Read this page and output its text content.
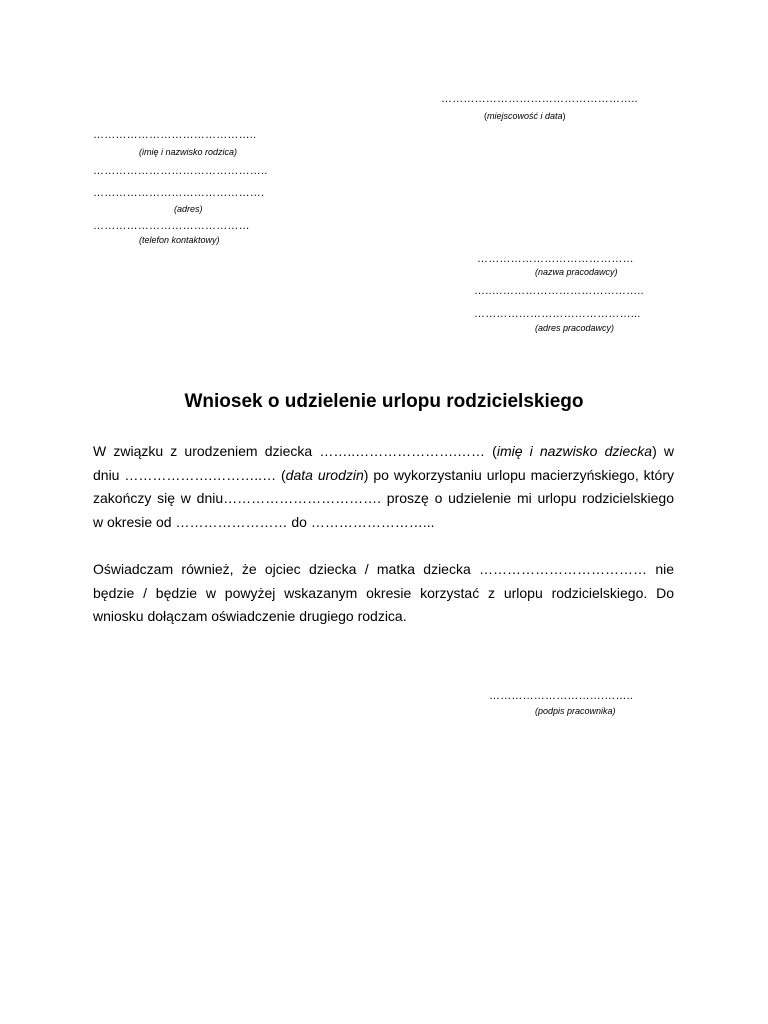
……………………………………………..
(miejscowość i data)
……………………………………..
(imię i nazwisko rodzica)
………………………………………..
……………………………………….
(adres)
……………………………………
(telefon kontaktowy)
……………………………………
(nazwa pracodawcy)
…..…………………………………..
……………………………………...
(adres pracodawcy)
Wniosek o udzielenie urlopu rodzicielskiego
W związku z urodzeniem dziecka ……..………………….…… (imię i nazwisko dziecka) w
dniu ……………….………..… (data urodzin) po wykorzystaniu urlopu macierzyńskiego, który
zakończy się w dniu……………………………. proszę o udzielenie mi urlopu rodzicielskiego
w okresie od …………………… do ……………………...
Oświadczam również, że ojciec dziecka / matka dziecka ……………………………… nie
będzie / będzie w powyżej wskazanym okresie korzystać z urlopu rodzicielskiego. Do
wniosku dołączam oświadczenie drugiego rodzica.
………………………….……..
(podpis pracownika)
